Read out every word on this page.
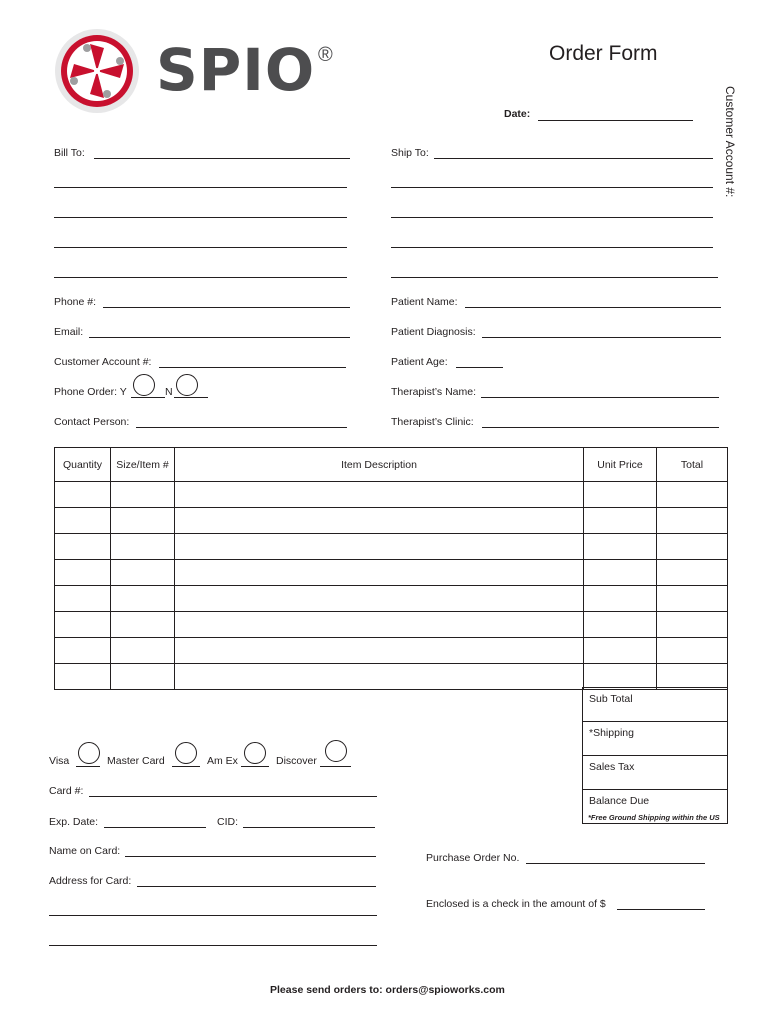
SPIO ®	Order Form
Date:	Customer Account #:
Bill To:
Phone #:
Email:
Customer Account #:
Phone Order: Y	N
Contact Person:
Ship To:
Patient Name:
Patient Diagnosis:
Patient Age:
Therapist’s Name:
Therapist’s Clinic:
Quantity	Size/Item #	Item Description	Unit Price	Total

Sub Total
*Shipping
Sales Tax
Balance Due
*Free Ground Shipping within the US
Visa	Master Card	Am Ex	Discover
Card #:
Exp. Date:	CID:
Name on Card:
Address for Card:
Purchase Order No.
Enclosed is a check in the amount of $
Please send orders to: orders@spioworks.com
